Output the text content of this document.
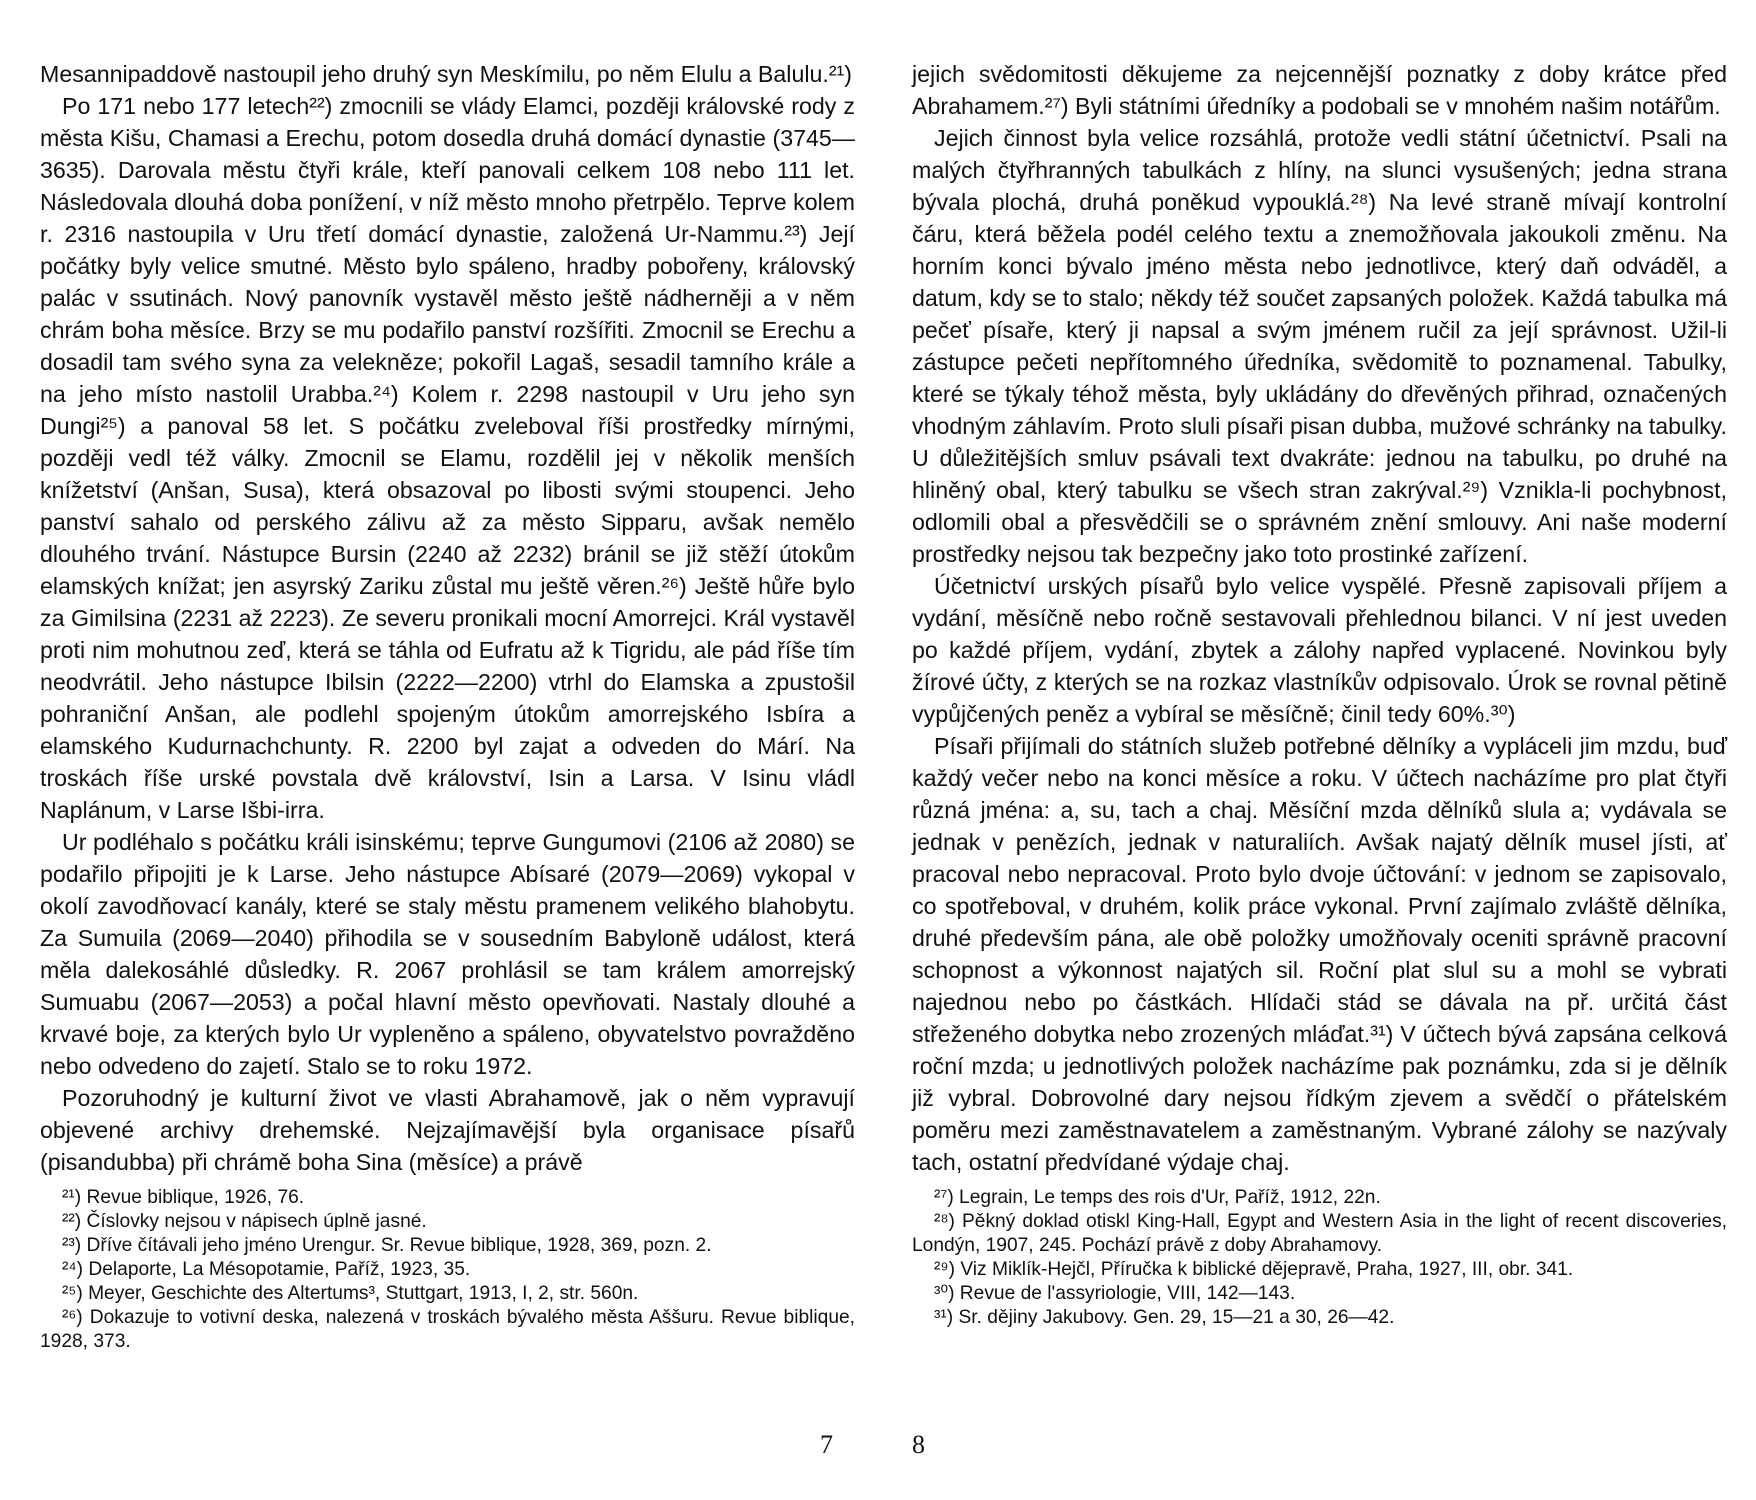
Mesannipaddově nastoupil jeho druhý syn Meskímilu, po něm Elulu a Balulu.²¹)

Po 171 nebo 177 letech²²) zmocnili se vlády Elamci, později královské rody z města Kišu, Chamasi a Erechu, potom dosedla druhá domácí dynastie (3745—3635). Darovala městu čtyři krále, kteří panovali celkem 108 nebo 111 let. Následovala dlouhá doba ponížení, v níž město mnoho přetrpělo. Teprve kolem r. 2316 nastoupila v Uru třetí domácí dynastie, založená Ur-Nammu.²³) Její počátky byly velice smutné. Město bylo spáleno, hradby pobořeny, královský palác v ssutinách. Nový panovník vystavěl město ještě nádherněji a v něm chrám boha měsíce. Brzy se mu podařilo panství rozšířiti. Zmocnil se Erechu a dosadil tam svého syna za velekněze; pokořil Lagaš, sesadil tamního krále a na jeho místo nastolil Urabba.²⁴) Kolem r. 2298 nastoupil v Uru jeho syn Dungi²⁵) a panoval 58 let. S počátku zveleboval říši prostředky mírnými, později vedl též války. Zmocnil se Elamu, rozdělil jej v několik menších knížetství (Anšan, Susa), která obsazoval po libosti svými stoupenci. Jeho panství sahalo od perského zálivu až za město Sipparu, avšak nemělo dlouhého trvání. Nástupce Bursin (2240 až 2232) bránil se již stěží útokům elamských knížat; jen asyrský Zariku zůstal mu ještě věren.²⁶) Ještě hůře bylo za Gimilsina (2231 až 2223). Ze severu pronikali mocní Amorrejci. Král vystavěl proti nim mohutnou zeď, která se táhla od Eufratu až k Tigridu, ale pád říše tím neodvrátil. Jeho nástupce Ibilsin (2222—2200) vtrhl do Elamska a zpustošil pohraniční Anšan, ale podlehl spojeným útokům amorrejského Isbíra a elamského Kudurnachchunty. R. 2200 byl zajat a odveden do Márí. Na troskách říše urské povstala dvě království, Isin a Larsa. V Isinu vládl Naplánum, v Larse Išbi-irra.

Ur podléhalo s počátku králi isinskému; teprve Gungumovi (2106 až 2080) se podařilo připojiti je k Larse. Jeho nástupce Abísaré (2079—2069) vykopal v okolí zavodňovací kanály, které se staly městu pramenem velikého blahobytu. Za Sumuila (2069—2040) přihodila se v sousedním Babyloně událost, která měla dalekosáhlé důsledky. R. 2067 prohlásil se tam králem amorrejský Sumuabu (2067—2053) a počal hlavní město opevňovati. Nastaly dlouhé a krvavé boje, za kterých bylo Ur vypleněno a spáleno, obyvatelstvo povražděno nebo odvedeno do zajetí. Stalo se to roku 1972.

Pozoruhodný je kulturní život ve vlasti Abrahamově, jak o něm vypravují objevené archivy drehemské. Nejzajímavější byla organisace písařů (pisandubba) při chrámě boha Sina (měsíce) a právě

²¹) Revue biblique, 1926, 76.

²²) Číslovky nejsou v nápisech úplně jasné.

²³) Dříve čítávali jeho jméno Urengur. Sr. Revue biblique, 1928, 369, pozn. 2.

²⁴) Delaporte, La Mésopotamie, Paříž, 1923, 35.

²⁵) Meyer, Geschichte des Altertums³, Stuttgart, 1913, I, 2, str. 560n.

²⁶) Dokazuje to votivní deska, nalezená v troskách bývalého města Aššuru. Revue biblique, 1928, 373.

jejich svědomitosti děkujeme za nejcennější poznatky z doby krátce před Abrahamem.²⁷) Byli státními úředníky a podobali se v mnohém našim notářům.

Jejich činnost byla velice rozsáhlá, protože vedli státní účetnictví. Psali na malých čtyřhranných tabulkách z hlíny, na slunci vysušených; jedna strana bývala plochá, druhá poněkud vypouklá.²⁸) Na levé straně mívají kontrolní čáru, která běžela podél celého textu a znemožňovala jakoukoli změnu. Na horním konci bývalo jméno města nebo jednotlivce, který daň odváděl, a datum, kdy se to stalo; někdy též součet zapsaných položek. Každá tabulka má pečeť písaře, který ji napsal a svým jménem ručil za její správnost. Užil-li zástupce pečeti nepřítomného úředníka, svědomitě to poznamenal. Tabulky, které se týkaly téhož města, byly ukládány do dřevěných přihrad, označených vhodným záhlavím. Proto sluli písaři pisan dubba, mužové schránky na tabulky. U důležitějších smluv psávali text dvakráte: jednou na tabulku, po druhé na hliněný obal, který tabulku se všech stran zakrýval.²⁹) Vznikla-li pochybnost, odlomili obal a přesvědčili se o správném znění smlouvy. Ani naše moderní prostředky nejsou tak bezpečny jako toto prostinké zařízení.

Účetnictví urských písařů bylo velice vyspělé. Přesně zapisovali příjem a vydání, měsíčně nebo ročně sestavovali přehlednou bilanci. V ní jest uveden po každé příjem, vydání, zbytek a zálohy napřed vyplacené. Novinkou byly žírové účty, z kterých se na rozkaz vlastníkův odpisovalo. Úrok se rovnal pětině vypůjčených peněz a vybíral se měsíčně; činil tedy 60%.³⁰)

Písaři přijímali do státních služeb potřebné dělníky a vypláceli jim mzdu, buď každý večer nebo na konci měsíce a roku. V účtech nacházíme pro plat čtyři různá jména: a, su, tach a chaj. Měsíční mzda dělníků slula a; vydávala se jednak v penězích, jednak v naturaliích. Avšak najatý dělník musel jísti, ať pracoval nebo nepracoval. Proto bylo dvoje účtování: v jednom se zapisovalo, co spotřeboval, v druhém, kolik práce vykonal. První zajímalo zvláště dělníka, druhé především pána, ale obě položky umožňovaly oceniti správně pracovní schopnost a výkonnost najatých sil. Roční plat slul su a mohl se vybrati najednou nebo po částkách. Hlídači stád se dávala na př. určitá část střeženého dobytka nebo zrozených mláďat.³¹) V účtech bývá zapsána celková roční mzda; u jednotlivých položek nacházíme pak poznámku, zda si je dělník již vybral. Dobrovolné dary nejsou řídkým zjevem a svědčí o přátelském poměru mezi zaměstnavatelem a zaměstnaným. Vybrané zálohy se nazývaly tach, ostatní předvídané výdaje chaj.

²⁷) Legrain, Le temps des rois d'Ur, Paříž, 1912, 22n.

²⁸) Pěkný doklad otiskl King-Hall, Egypt and Western Asia in the light of recent discoveries, Londýn, 1907, 245. Pochází právě z doby Abrahamovy.

²⁹) Viz Miklík-Hejčl, Příručka k biblické dějepravě, Praha, 1927, III, obr. 341.

³⁰) Revue de l'assyriologie, VIII, 142—143.

³¹) Sr. dějiny Jakubovy. Gen. 29, 15—21 a 30, 26—42.

7	8
